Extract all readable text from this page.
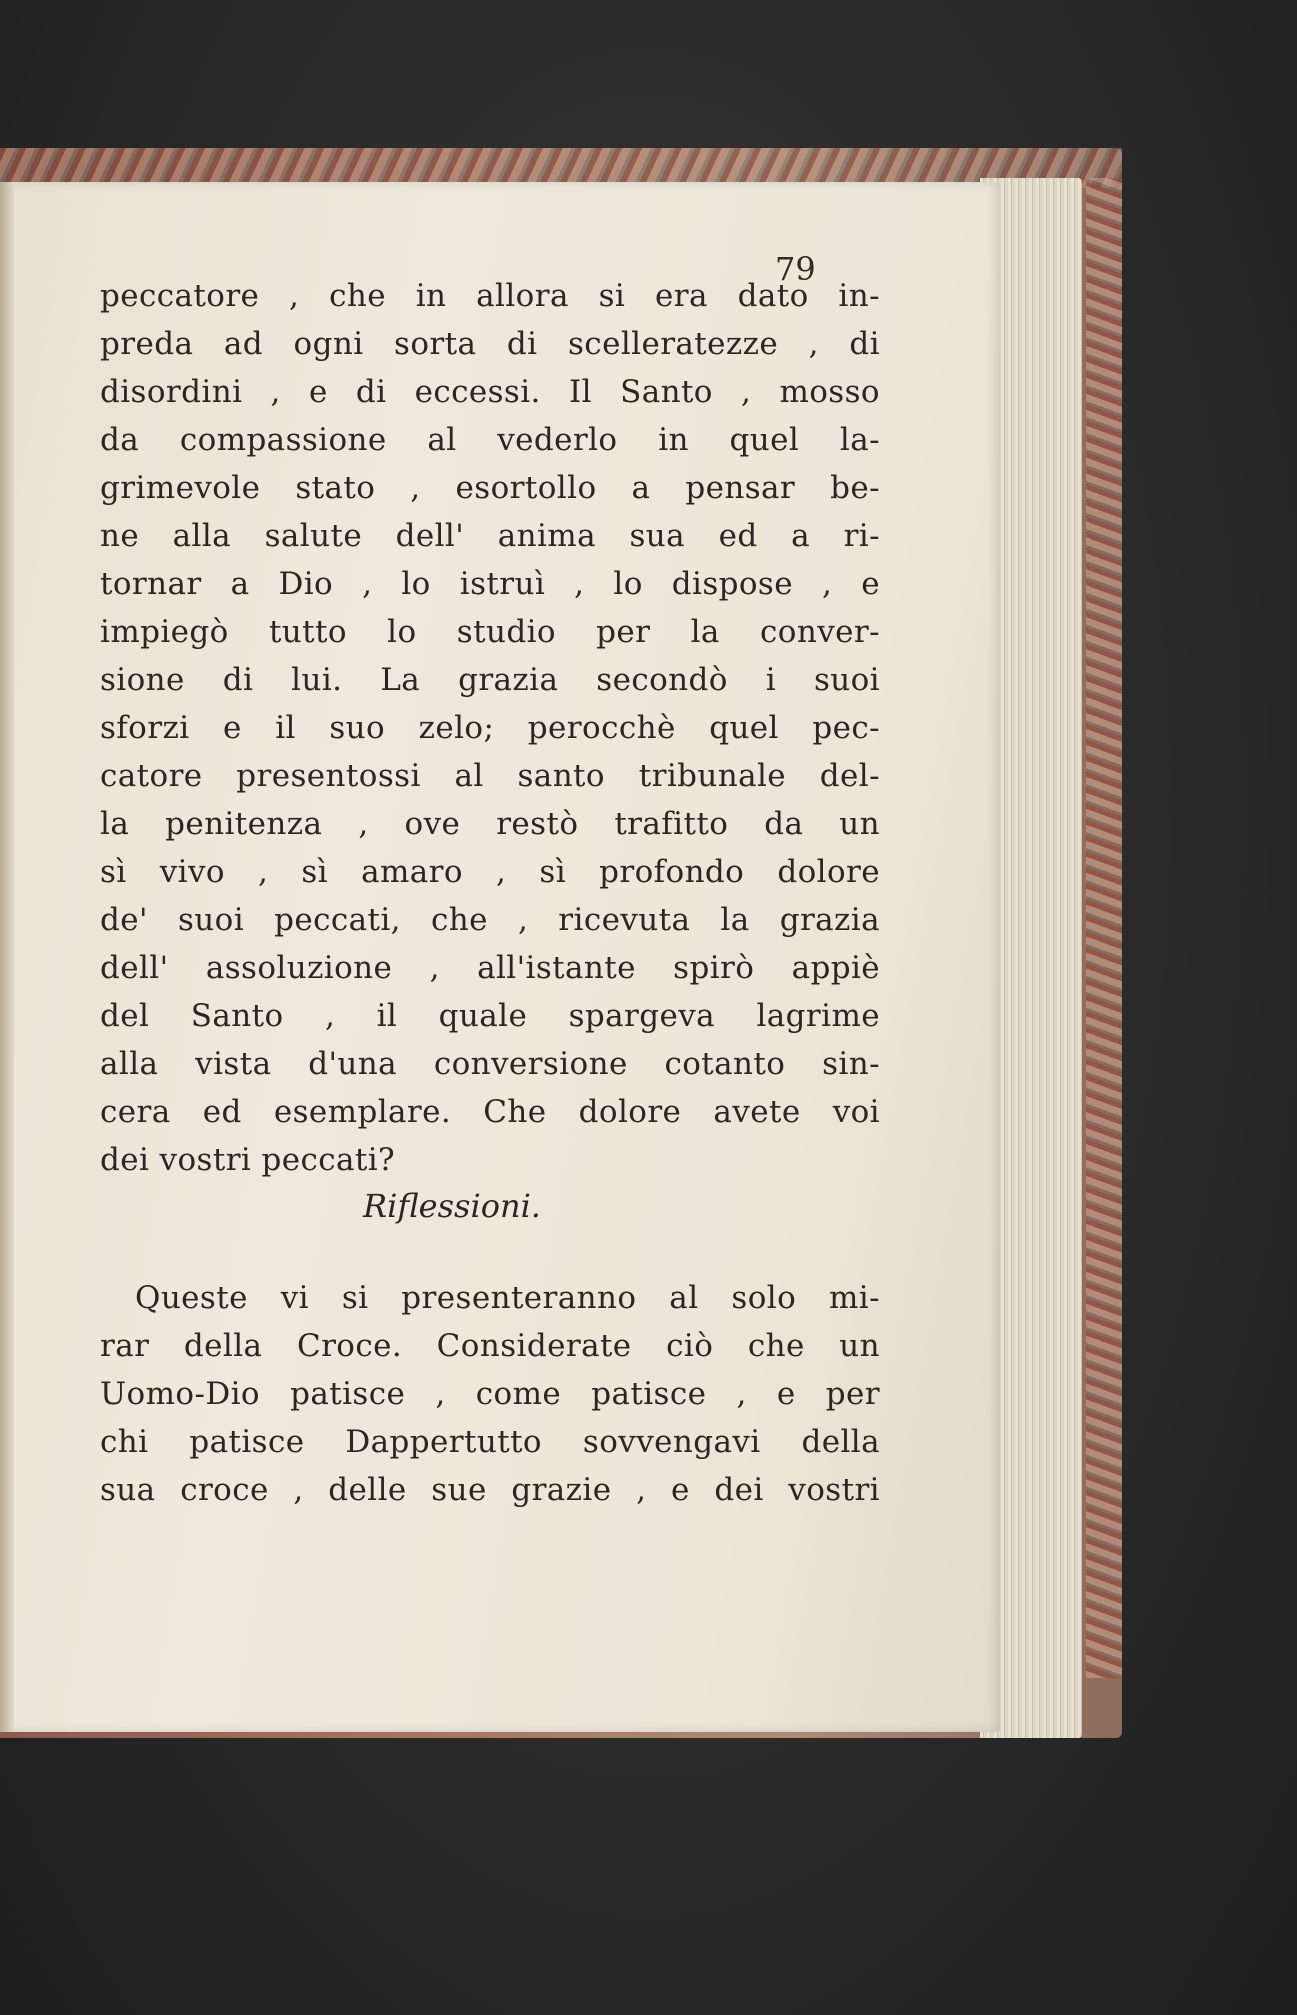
79
peccatore , che in allora si era dato in-
preda ad ogni sorta di scelleratezze , di
disordini , e di eccessi. Il Santo , mosso
da compassione al vederlo in quel la-
grimevole stato , esortollo a pensar be-
ne alla salute dell' anima sua ed a ri-
tornar a Dio , lo istruì , lo dispose , e
impiegò tutto lo studio per la conver-
sione di lui. La grazia secondò i suoi
sforzi e il suo zelo; perocchè quel pec-
catore presentossi al santo tribunale del-
la penitenza , ove restò trafitto da un
sì vivo , sì amaro , sì profondo dolore
de' suoi peccati, che , ricevuta la grazia
dell' assoluzione , all'istante spirò appiè
del Santo , il quale spargeva lagrime
alla vista d'una conversione cotanto sin-
cera ed esemplare. Che dolore avete voi
dei vostri peccati?
Queste vi si presenteranno al solo mi-
rar della Croce. Considerate ciò che un
Uomo-Dio patisce , come patisce , e per
chi patisce Dappertutto sovvengavi della
sua croce , delle sue grazie , e dei vostri
Riflessioni.
